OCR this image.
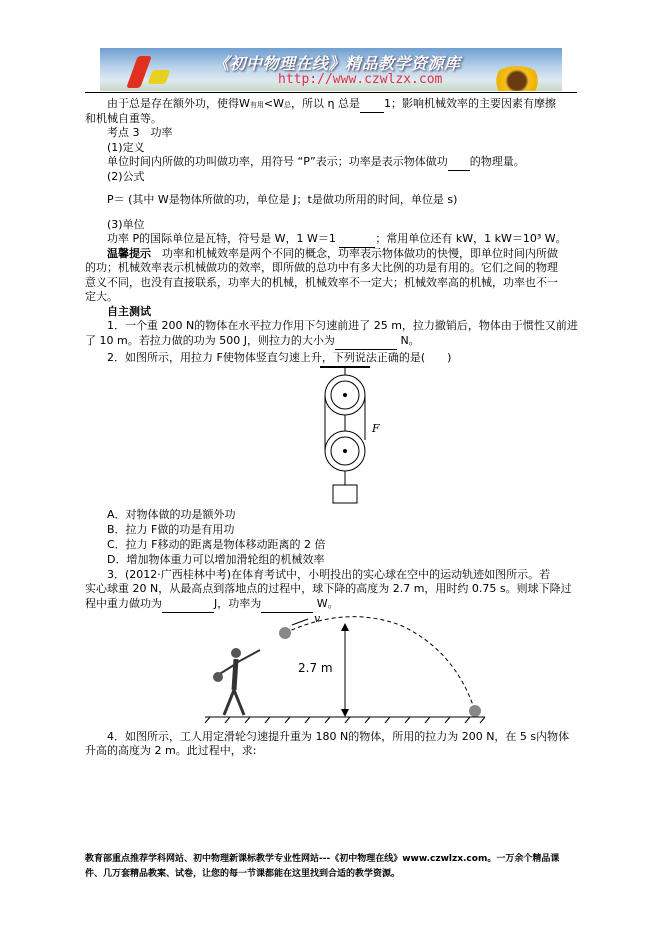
《初中物理在线》精品教学资源库
http://www.czwlzx.com
由于总是存在额外功，使得W有用<W总，所以 η 总是 1；影响机械效率的主要因素有摩擦
和机械自重等。
考点 3　功率
(1)定义
单位时间内所做的功叫做功率，用符号 “P”表示；功率是表示物体做功 的物理量。
(2)公式
P＝ (其中 W是物体所做的功，单位是 J；t是做功所用的时间，单位是 s)
(3)单位
功率 P的国际单位是瓦特，符号是 W，1 W＝1	；常用单位还有 kW，1 kW＝10³ W。
温馨提示　功率和机械效率是两个不同的概念，功率表示物体做功的快慢，即单位时间内所做
的功；机械效率表示机械做功的效率，即所做的总功中有多大比例的功是有用的。它们之间的物理
意义不同，也没有直接联系，功率大的机械，机械效率不一定大；机械效率高的机械，功率也不一
定大。
自主测试
1．一个重 200 N的物体在水平拉力作用下匀速前进了 25 m，拉力撤销后，物体由于惯性又前进
了 10 m。若拉力做的功为 500 J，则拉力的大小为	N。
2．如图所示，用拉力 F使物体竖直匀速上升，下列说法正确的是(　　)
F
A．对物体做的功是额外功
B．拉力 F做的功是有用功
C．拉力 F移动的距离是物体移动距离的 2 倍
D．增加物体重力可以增加滑轮组的机械效率
3．(2012·广西桂林中考)在体育考试中，小明投出的实心球在空中的运动轨迹如图所示。若
实心球重 20 N，从最高点到落地点的过程中，球下降的高度为 2.7 m，用时约 0.75 s。则球下降过
程中重力做功为	J，功率为	W。
v
2.7 m
4．如图所示，工人用定滑轮匀速提升重为 180 N的物体，所用的拉力为 200 N，在 5 s内物体
升高的高度为 2 m。此过程中，求:
教育部重点推荐学科网站、初中物理新课标教学专业性网站---《初中物理在线》www.czwlzx.com。一万余个精品课
件、几万套精品教案、试卷，让您的每一节课都能在这里找到合适的教学资源。
